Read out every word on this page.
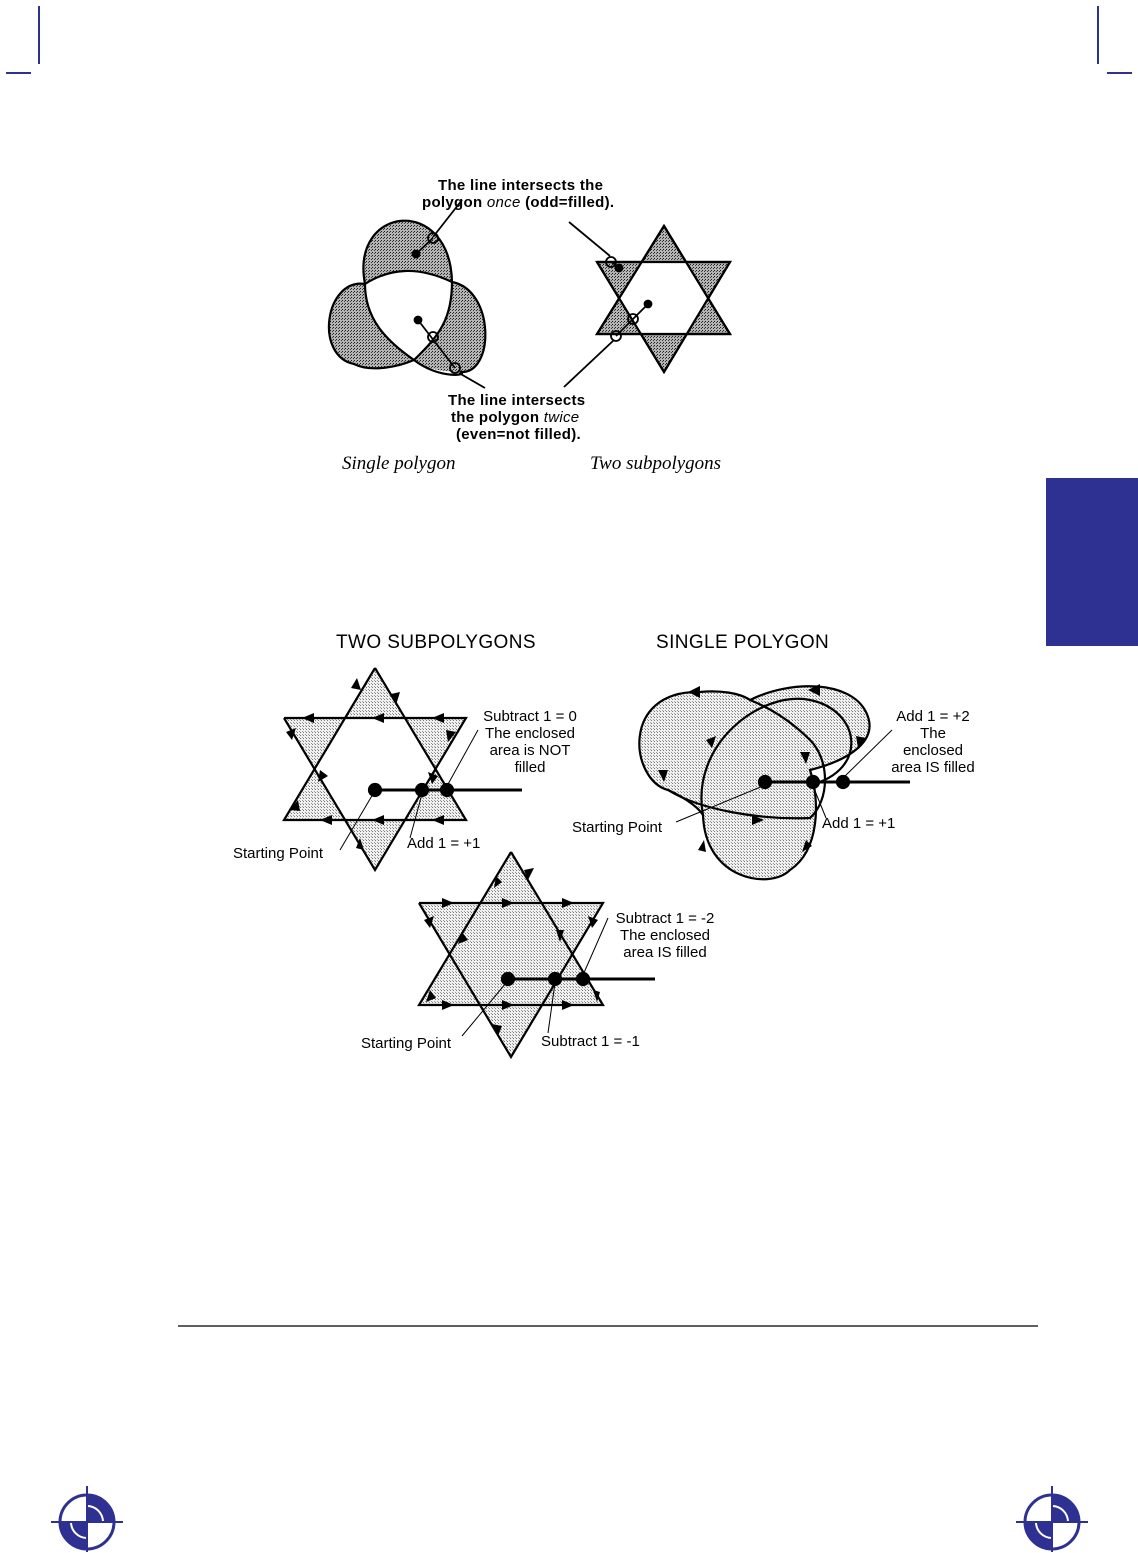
The line intersects the
polygon once (odd=filled).
The line intersects
the polygon twice
(even=not filled).
Single polygon	Two subpolygons
TWO SUBPOLYGONS	SINGLE POLYGON
Subtract 1 = 0
The enclosed
area is NOT
filled
Add 1 = +1
Starting Point
Add 1 = +2
The
enclosed
area IS filled
Add 1 = +1
Starting Point
Subtract 1 = -2
The enclosed
area IS filled
Subtract 1 = -1
Starting Point
